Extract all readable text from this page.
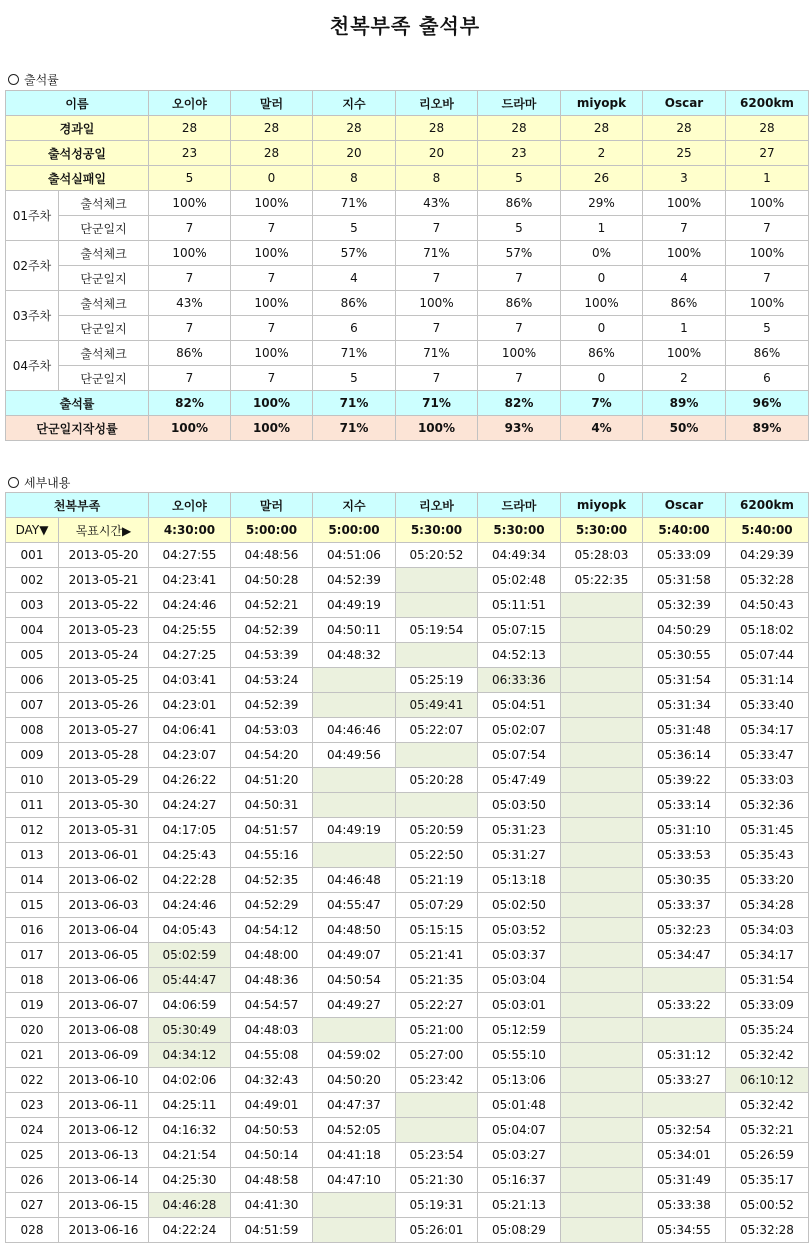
천복부족 출석부
출석률
이름		오이야	말러	지수	리오바	드라마	miyopk	Oscar	6200km
경과일		28	28	28	28	28	28	28	28
출석성공일		23	28	20	20	23	2	25	27
출석실패일		5	0	8	8	5	26	3	1
01주차	출석체크	100%	100%	71%	43%	86%	29%	100%	100%
	단군일지	7	7	5	7	5	1	7	7
02주차	출석체크	100%	100%	57%	71%	57%	0%	100%	100%
	단군일지	7	7	4	7	7	0	4	7
03주차	출석체크	43%	100%	86%	100%	86%	100%	86%	100%
	단군일지	7	7	6	7	7	0	1	5
04주차	출석체크	86%	100%	71%	71%	100%	86%	100%	86%
	단군일지	7	7	5	7	7	0	2	6
출석률		82%	100%	71%	71%	82%	7%	89%	96%
단군일지작성률		100%	100%	71%	100%	93%	4%	50%	89%
세부내용
천복부족		오이야	말러	지수	리오바	드라마	miyopk	Oscar	6200km
DAY▼	목표시간▶	4:30:00	5:00:00	5:00:00	5:30:00	5:30:00	5:30:00	5:40:00	5:40:00
001	2013-05-20	04:27:55	04:48:56	04:51:06	05:20:52	04:49:34	05:28:03	05:33:09	04:29:39
002	2013-05-21	04:23:41	04:50:28	04:52:39		05:02:48	05:22:35	05:31:58	05:32:28
003	2013-05-22	04:24:46	04:52:21	04:49:19		05:11:51		05:32:39	04:50:43
004	2013-05-23	04:25:55	04:52:39	04:50:11	05:19:54	05:07:15		04:50:29	05:18:02
005	2013-05-24	04:27:25	04:53:39	04:48:32		04:52:13		05:30:55	05:07:44
006	2013-05-25	04:03:41	04:53:24		05:25:19	06:33:36		05:31:54	05:31:14
007	2013-05-26	04:23:01	04:52:39		05:49:41	05:04:51		05:31:34	05:33:40
008	2013-05-27	04:06:41	04:53:03	04:46:46	05:22:07	05:02:07		05:31:48	05:34:17
009	2013-05-28	04:23:07	04:54:20	04:49:56		05:07:54		05:36:14	05:33:47
010	2013-05-29	04:26:22	04:51:20		05:20:28	05:47:49		05:39:22	05:33:03
011	2013-05-30	04:24:27	04:50:31			05:03:50		05:33:14	05:32:36
012	2013-05-31	04:17:05	04:51:57	04:49:19	05:20:59	05:31:23		05:31:10	05:31:45
013	2013-06-01	04:25:43	04:55:16		05:22:50	05:31:27		05:33:53	05:35:43
014	2013-06-02	04:22:28	04:52:35	04:46:48	05:21:19	05:13:18		05:30:35	05:33:20
015	2013-06-03	04:24:46	04:52:29	04:55:47	05:07:29	05:02:50		05:33:37	05:34:28
016	2013-06-04	04:05:43	04:54:12	04:48:50	05:15:15	05:03:52		05:32:23	05:34:03
017	2013-06-05	05:02:59	04:48:00	04:49:07	05:21:41	05:03:37		05:34:47	05:34:17
018	2013-06-06	05:44:47	04:48:36	04:50:54	05:21:35	05:03:04			05:31:54
019	2013-06-07	04:06:59	04:54:57	04:49:27	05:22:27	05:03:01		05:33:22	05:33:09
020	2013-06-08	05:30:49	04:48:03		05:21:00	05:12:59			05:35:24
021	2013-06-09	04:34:12	04:55:08	04:59:02	05:27:00	05:55:10		05:31:12	05:32:42
022	2013-06-10	04:02:06	04:32:43	04:50:20	05:23:42	05:13:06		05:33:27	06:10:12
023	2013-06-11	04:25:11	04:49:01	04:47:37		05:01:48			05:32:42
024	2013-06-12	04:16:32	04:50:53	04:52:05		05:04:07		05:32:54	05:32:21
025	2013-06-13	04:21:54	04:50:14	04:41:18	05:23:54	05:03:27		05:34:01	05:26:59
026	2013-06-14	04:25:30	04:48:58	04:47:10	05:21:30	05:16:37		05:31:49	05:35:17
027	2013-06-15	04:46:28	04:41:30		05:19:31	05:21:13		05:33:38	05:00:52
028	2013-06-16	04:22:24	04:51:59		05:26:01	05:08:29		05:34:55	05:32:28
